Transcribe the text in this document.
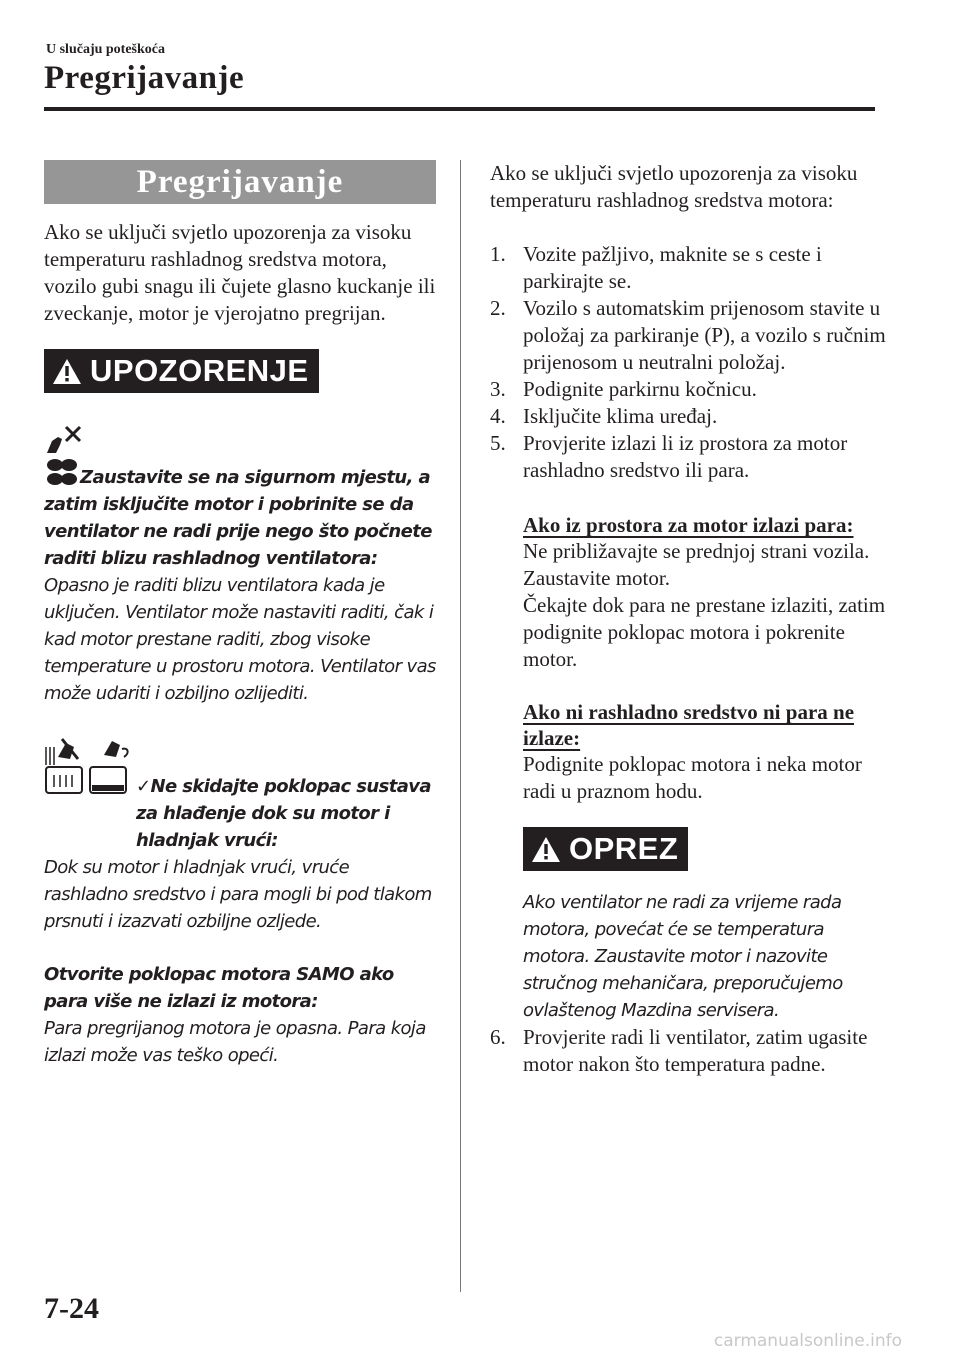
U slučaju poteškoća
Pregrijavanje
Pregrijavanje

Ako se uključi svjetlo upozorenja za visoku temperaturu rashladnog sredstva motora, vozilo gubi snagu ili čujete glasno kuckanje ili zveckanje, motor je vjerojatno pregrijan.

UPOZORENJE
Zaustavite se na sigurnom mjestu, a zatim isključite motor i pobrinite se da ventilator ne radi prije nego što počnete raditi blizu rashladnog ventilatora:
Opasno je raditi blizu ventilatora kada je uključen. Ventilator može nastaviti raditi, čak i kad motor prestane raditi, zbog visoke temperature u prostoru motora. Ventilator vas može udariti i ozbiljno ozlijediti.
✓Ne skidajte poklopac sustava za hlađenje dok su motor i hladnjak vrući:
Dok su motor i hladnjak vrući, vruće rashladno sredstvo i para mogli bi pod tlakom prsnuti i izazvati ozbiljne ozljede.
Otvorite poklopac motora SAMO ako para više ne izlazi iz motora:
Para pregrijanog motora je opasna. Para koja izlazi može vas teško opeći.

Ako se uključi svjetlo upozorenja za visoku temperaturu rashladnog sredstva motora:

1. Vozite pažljivo, maknite se s ceste i parkirajte se.
2. Vozilo s automatskim prijenosom stavite u položaj za parkiranje (P), a vozilo s ručnim prijenosom u neutralni položaj.
3. Podignite parkirnu kočnicu.
4. Isključite klima uređaj.
5. Provjerite izlazi li iz prostora za motor rashladno sredstvo ili para.
Ako iz prostora za motor izlazi para:

Ne približavajte se prednjoj strani vozila. Zaustavite motor.

Čekajte dok para ne prestane izlaziti, zatim podignite poklopac motora i pokrenite motor.

Ako ni rashladno sredstvo ni para ne izlaze:

Podignite poklopac motora i neka motor radi u praznom hodu.

OPREZ
Ako ventilator ne radi za vrijeme rada motora, povećat će se temperatura motora. Zaustavite motor i nazovite stručnog mehaničara, preporučujemo ovlaštenog Mazdina servisera.
6. Provjerite radi li ventilator, zatim ugasite motor nakon što temperatura padne.
7-24
carmanualsonline.info
